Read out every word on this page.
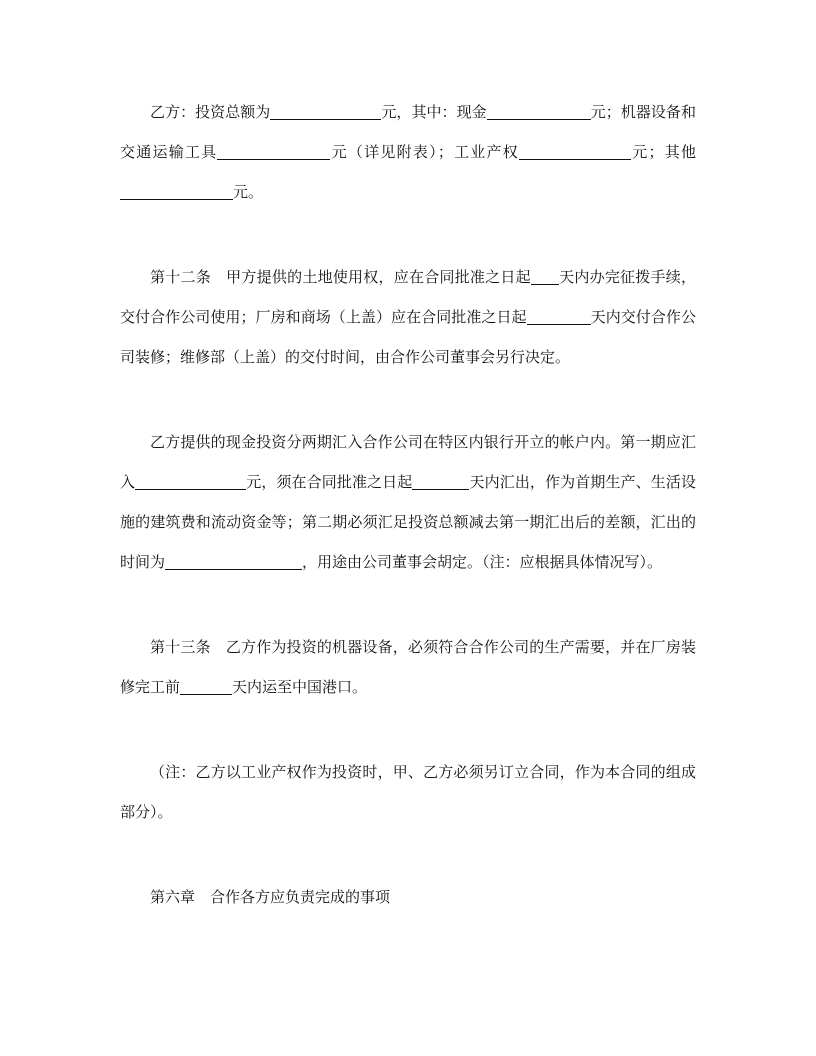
乙方：投资总额为	元，其中：现金	元；机器设备和交通运输工具	元（详见附表）；工业产权	元；其他元。

第十二条　甲方提供的土地使用权，应在合同批准之日起 天内办完征拨手续，交付合作公司使用；厂房和商场（上盖）应在合同批准之日起	天内交付合作公司装修；维修部（上盖）的交付时间，由合作公司董事会另行决定。

乙方提供的现金投资分两期汇入合作公司在特区内银行开立的帐户内。第一期应汇入	元，须在合同批准之日起	天内汇出，作为首期生产、生活设施的建筑费和流动资金等；第二期必须汇足投资总额减去第一期汇出后的差额，汇出的时间为	，用途由公司董事会胡定。（注：应根据具体情况写）。

第十三条　乙方作为投资的机器设备，必须符合合作公司的生产需要，并在厂房装修完工前	天内运至中国港口。

（注：乙方以工业产权作为投资时，甲、乙方必须另订立合同，作为本合同的组成部分）。

第六章　合作各方应负责完成的事项
